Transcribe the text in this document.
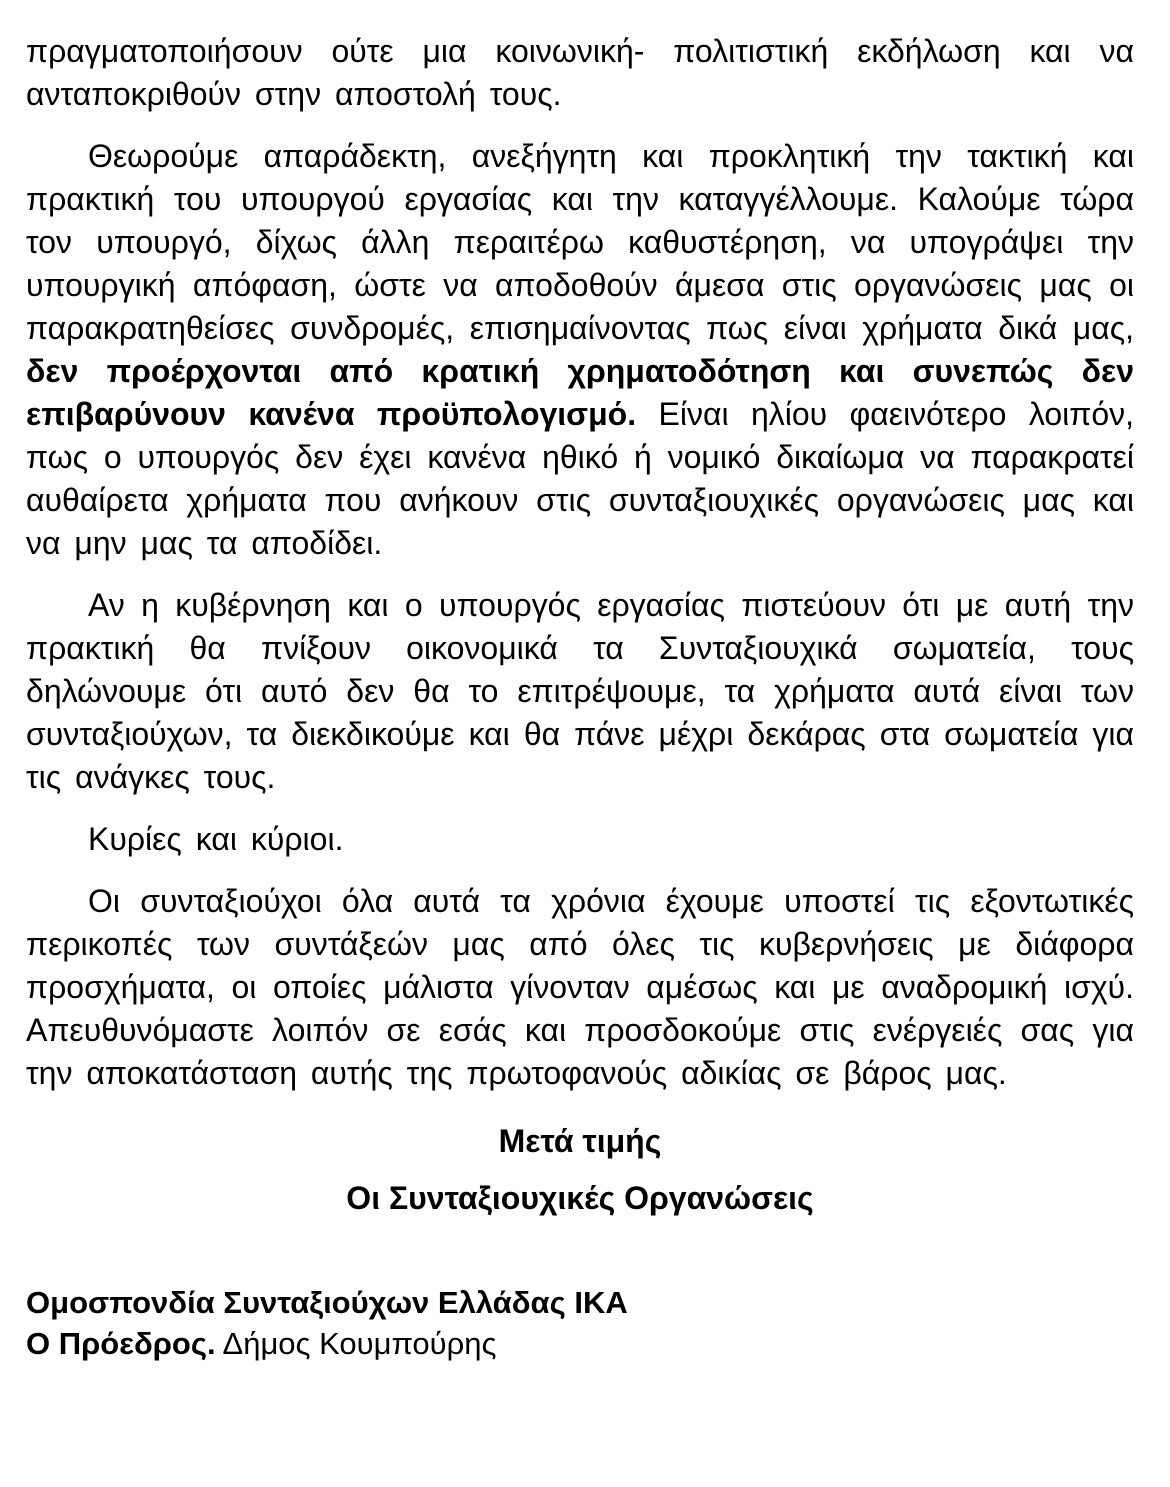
πραγματοποιήσουν ούτε μια κοινωνική- πολιτιστική εκδήλωση και να ανταποκριθούν στην αποστολή τους.

Θεωρούμε απαράδεκτη, ανεξήγητη και προκλητική την τακτική και πρακτική του υπουργού εργασίας και την καταγγέλλουμε. Καλούμε τώρα τον υπουργό, δίχως άλλη περαιτέρω καθυστέρηση, να υπογράψει την υπουργική απόφαση, ώστε να αποδοθούν άμεσα στις οργανώσεις μας οι παρακρατηθείσες συνδρομές, επισημαίνοντας πως είναι χρήματα δικά μας, δεν προέρχονται από κρατική χρηματοδότηση και συνεπώς δεν επιβαρύνουν κανένα προϋπολογισμό. Είναι ηλίου φαεινότερο λοιπόν, πως ο υπουργός δεν έχει κανένα ηθικό ή νομικό δικαίωμα να παρακρατεί αυθαίρετα χρήματα που ανήκουν στις συνταξιουχικές οργανώσεις μας και να μην μας τα αποδίδει.

Αν η κυβέρνηση και ο υπουργός εργασίας πιστεύουν ότι με αυτή την πρακτική θα πνίξουν οικονομικά τα Συνταξιουχικά σωματεία, τους δηλώνουμε ότι αυτό δεν θα το επιτρέψουμε, τα χρήματα αυτά είναι των συνταξιούχων, τα διεκδικούμε και θα πάνε μέχρι δεκάρας στα σωματεία για τις ανάγκες τους.

Κυρίες και κύριοι.

Οι συνταξιούχοι όλα αυτά τα χρόνια έχουμε υποστεί τις εξοντωτικές περικοπές των συντάξεών μας από όλες τις κυβερνήσεις με διάφορα προσχήματα, οι οποίες μάλιστα γίνονταν αμέσως και με αναδρομική ισχύ. Απευθυνόμαστε λοιπόν σε εσάς και προσδοκούμε στις ενέργειές σας για την αποκατάσταση αυτής της πρωτοφανούς αδικίας σε βάρος μας.

Μετά τιμής

Οι Συνταξιουχικές Οργανώσεις

Ομοσπονδία Συνταξιούχων Ελλάδας ΙΚΑ

Ο Πρόεδρος. Δήμος Κουμπούρης
